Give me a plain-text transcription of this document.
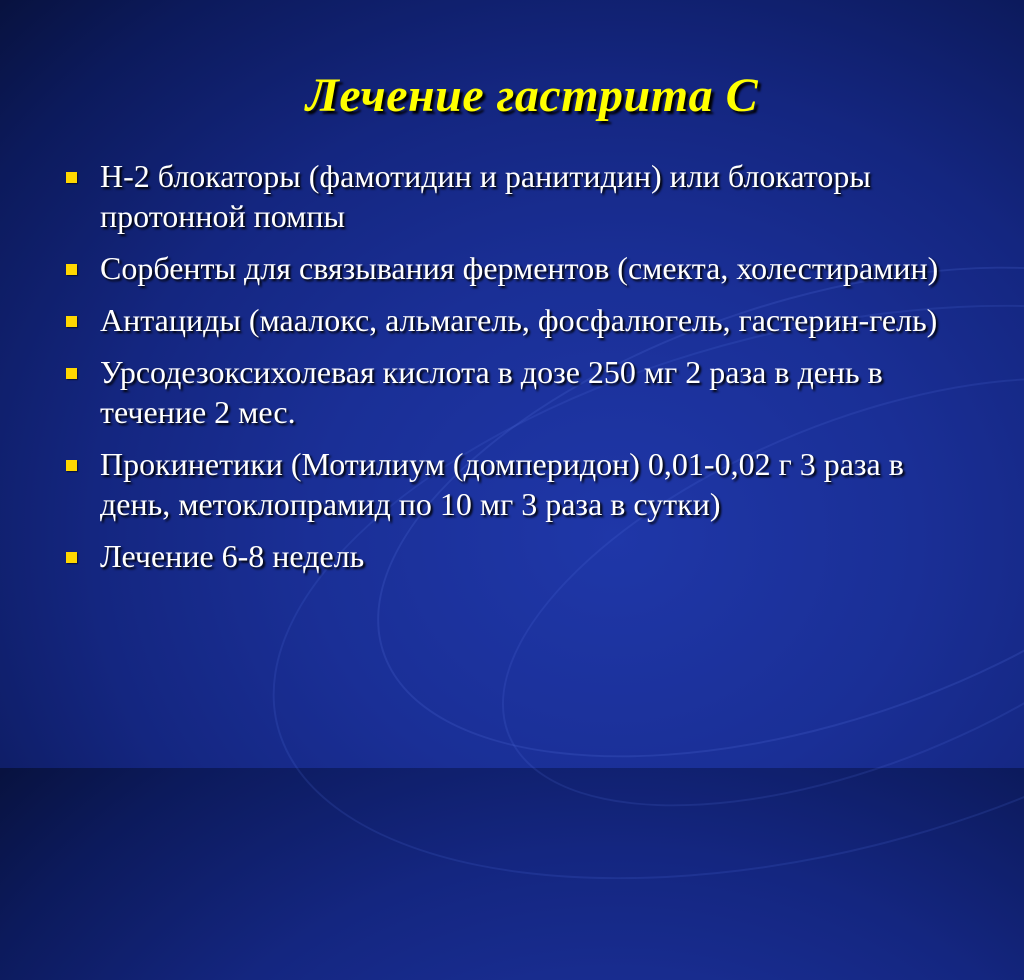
Лечение гастрита С
H-2 блокаторы (фамотидин и ранитидин) или блокаторы протонной помпы
Сорбенты для связывания ферментов (смекта, холестирамин)
Антациды (маалокс, альмагель, фосфалюгель, гастерин-гель)
Урсодезоксихолевая кислота в дозе 250 мг 2 раза в день в течение 2 мес.
Прокинетики (Мотилиум (домперидон) 0,01-0,02 г 3 раза в день, метоклопрамид по 10 мг 3 раза в сутки)
Лечение 6-8 недель
